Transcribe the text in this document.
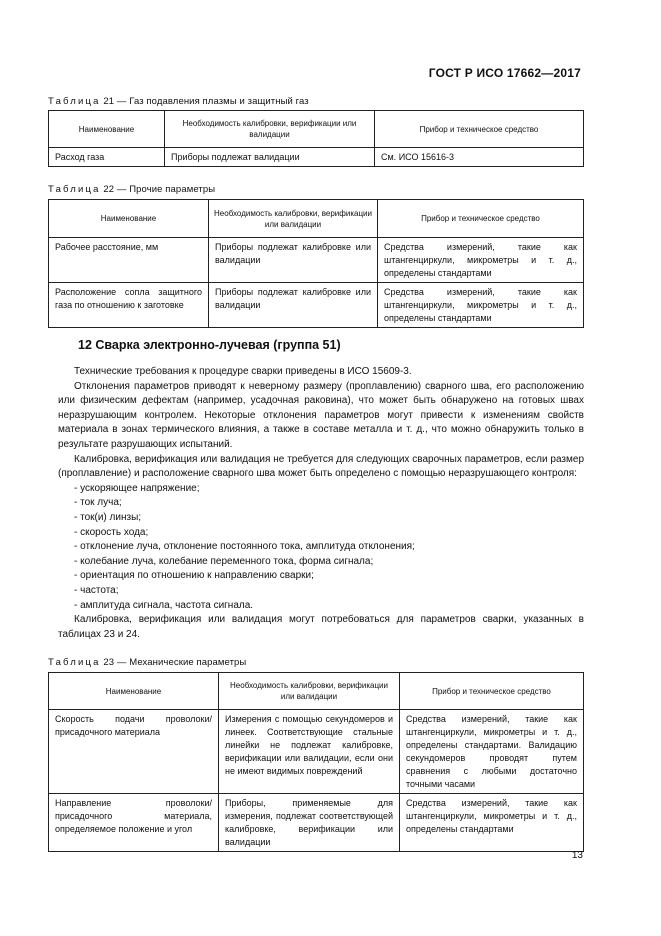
ГОСТ Р ИСО 17662—2017
Таблица 21 — Газ подавления плазмы и защитный газ
Наименование	Необходимость калибровки, верификации или валидации	Прибор и техническое средство
Расход газа	Приборы подлежат валидации	См. ИСО 15616-3
Таблица 22 — Прочие параметры
Наименование	Необходимость калибровки, верификации или валидации	Прибор и техническое средство
Рабочее расстояние, мм	Приборы подлежат калибровке или валидации	Средства измерений, такие как штангенциркули, микрометры и т. д., определены стандартами
Расположение сопла защитного газа по отношению к заготовке	Приборы подлежат калибровке или валидации	Средства измерений, такие как штангенциркули, микрометры и т. д., определены стандартами
12 Сварка электронно-лучевая (группа 51)

Технические требования к процедуре сварки приведены в ИСО 15609-3.

Отклонения параметров приводят к неверному размеру (проплавлению) сварного шва, его расположению или физическим дефектам (например, усадочная раковина), что может быть обнаружено на готовых швах неразрушающим контролем. Некоторые отклонения параметров могут привести к изменениям свойств материала в зонах термического влияния, а также в составе металла и т. д., что можно обнаружить только в результате разрушающих испытаний.

Калибровка, верификация или валидация не требуется для следующих сварочных параметров, если размер (проплавление) и расположение сварного шва может быть определено с помощью неразрушающего контроля:

- ускоряющее напряжение;
- ток луча;
- ток(и) линзы;
- скорость хода;
- отклонение луча, отклонение постоянного тока, амплитуда отклонения;
- колебание луча, колебание переменного тока, форма сигнала;
- ориентация по отношению к направлению сварки;
- частота;
- амплитуда сигнала, частота сигнала.

Калибровка, верификация или валидация могут потребоваться для параметров сварки, указанных в таблицах 23 и 24.

Таблица 23 — Механические параметры
Наименование	Необходимость калибровки, верификации или валидации	Прибор и техническое средство
Скорость подачи проволоки/присадочного материала	Измерения с помощью секундомеров и линеек. Соответствующие стальные линейки не подлежат калибровке, верификации или валидации, если они не имеют видимых повреждений	Средства измерений, такие как штангенциркули, микрометры и т. д., определены стандартами. Валидацию секундомеров проводят путем сравнения с любыми достаточно точными часами
Направление проволоки/присадочного материала, определяемое положение и угол	Приборы, применяемые для измерения, подлежат соответствующей калибровке, верификации или валидации	Средства измерений, такие как штангенциркули, микрометры и т. д., определены стандартами
13
